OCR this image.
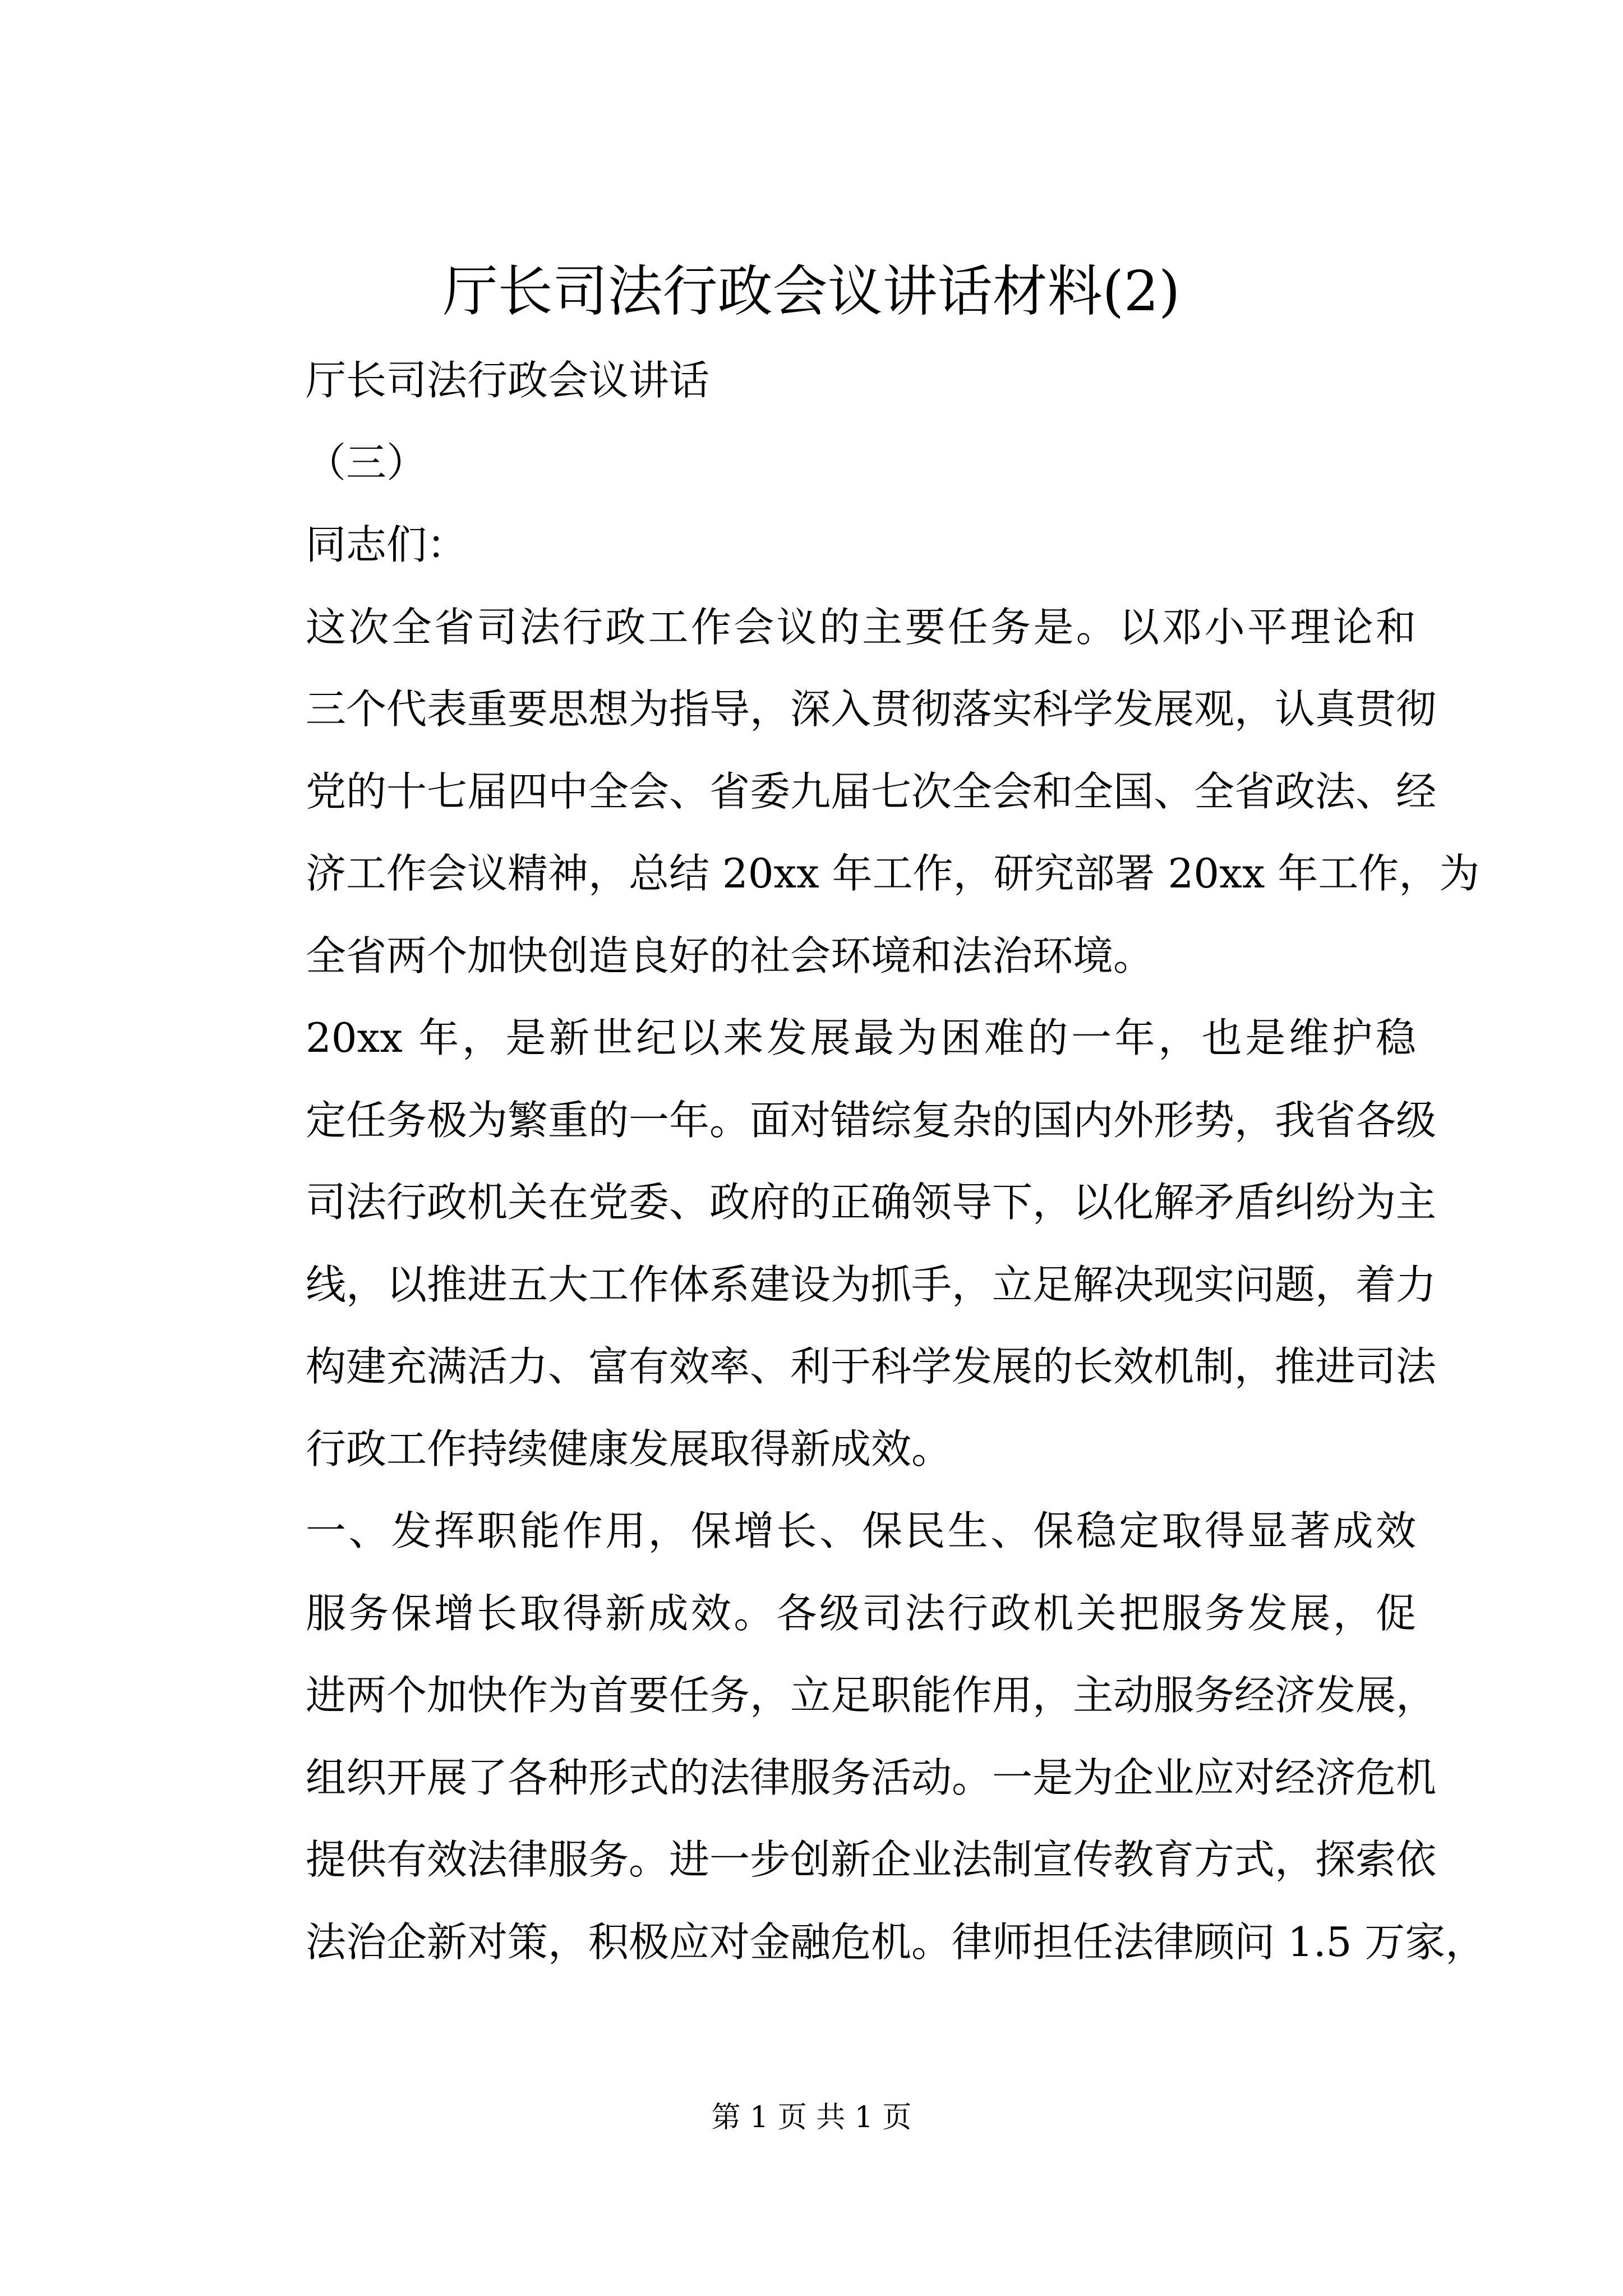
厅长司法行政会议讲话材料(2)
厅长司法行政会议讲话
（三）
同志们：
这次全省司法行政工作会议的主要任务是。以邓小平理论和
三个代表重要思想为指导，深入贯彻落实科学发展观，认真贯彻
党的十七届四中全会、省委九届七次全会和全国、全省政法、经
济工作会议精神，总结 20xx 年工作，研究部署 20xx 年工作，为
全省两个加快创造良好的社会环境和法治环境。
20xx 年，是新世纪以来发展最为困难的一年，也是维护稳
定任务极为繁重的一年。面对错综复杂的国内外形势，我省各级
司法行政机关在党委、政府的正确领导下，以化解矛盾纠纷为主
线，以推进五大工作体系建设为抓手，立足解决现实问题，着力
构建充满活力、富有效率、利于科学发展的长效机制，推进司法
行政工作持续健康发展取得新成效。
一、发挥职能作用，保增长、保民生、保稳定取得显著成效
服务保增长取得新成效。各级司法行政机关把服务发展，促
进两个加快作为首要任务，立足职能作用，主动服务经济发展，
组织开展了各种形式的法律服务活动。一是为企业应对经济危机
提供有效法律服务。进一步创新企业法制宣传教育方式，探索依
法治企新对策，积极应对金融危机。律师担任法律顾问 1.5 万家，
第 1 页 共 1 页
